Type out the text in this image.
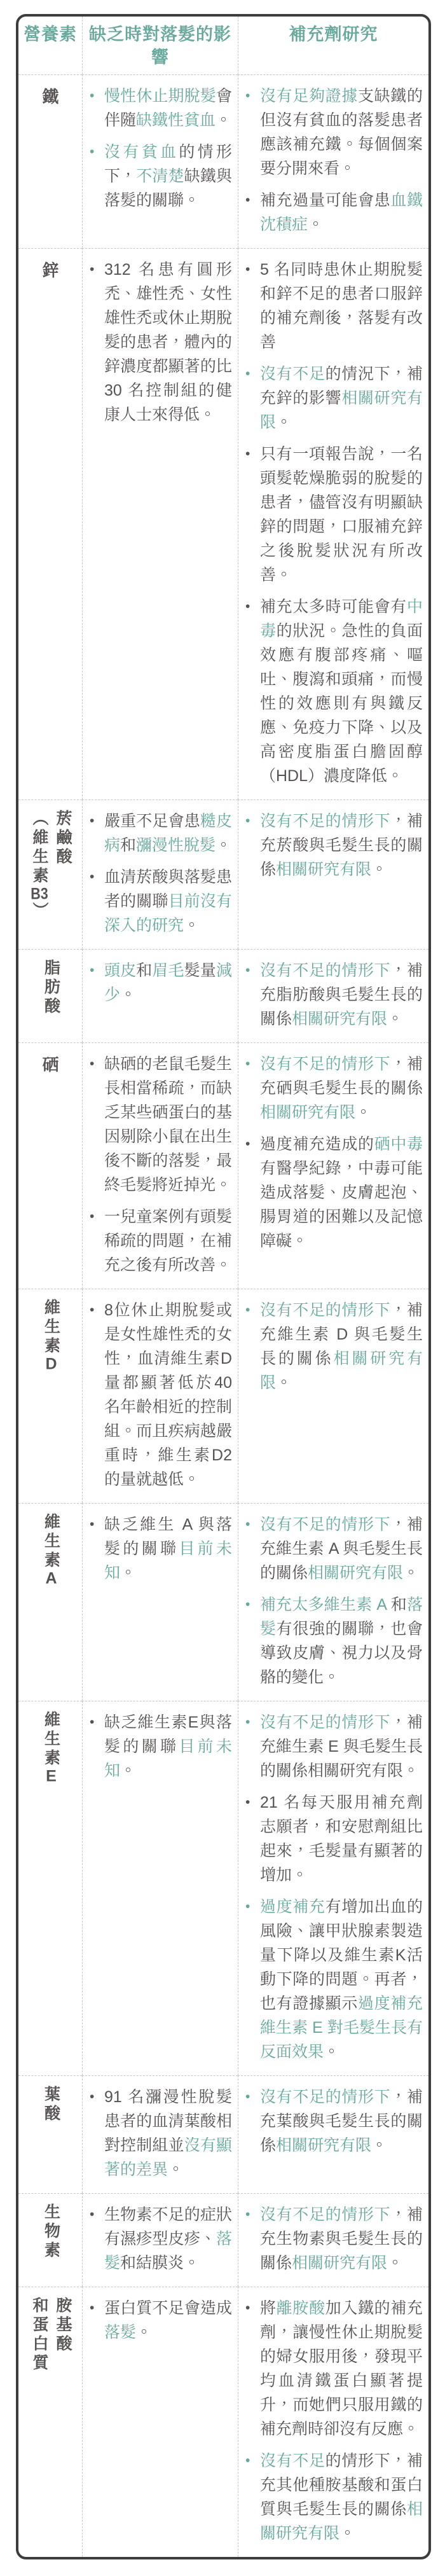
營養素 缺乏時對落髮的影響
補充劑研究
鐵 • 慢性休止期脫髮會伴隨缺鐵性貧血。
• 沒有貧血的情形下，不清楚缺鐵與落髮的關聯。
• 沒有足夠證據支缺鐵的但沒有貧血的落髮患者應該補充鐵。每個個案要分開來看。
• 補充過量可能會患血鐵沈積症。
鋅 • 312 名患有圓形禿、雄性禿、女性雄性禿或休止期脫髮的患者，體內的鋅濃度都顯著的比 30 名控制組的健康人士來得低。
• 5 名同時患休止期脫髮和鋅不足的患者口服鋅的補充劑後，落髮有改善
• 沒有不足的情況下，補充鋅的影響相關研究有限。
• 只有一項報告說，一名頭髮乾燥脆弱的脫髮的患者，儘管沒有明顯缺鋅的問題，口服補充鋅之後脫髮狀況有所改善。
• 補充太多時可能會有中毒的狀況。急性的負面效應有腹部疼痛、嘔吐、腹瀉和頭痛，而慢性的效應則有與鐵反應、免疫力下降、以及高密度脂蛋白膽固醇（HDL）濃度降低。
菸鹼酸
（維生素B3）
• 嚴重不足會患糙皮病和瀰漫性脫髮。
• 血清菸酸與落髮患者的關聯目前沒有深入的研究。
• 沒有不足的情形下，補充菸酸與毛髮生長的關係相關研究有限。
脂肪酸 • 頭皮和眉毛髮量減少。
• 沒有不足的情形下，補充脂肪酸與毛髮生長的關係相關研究有限。
硒 • 缺硒的老鼠毛髮生長相當稀疏，而缺乏某些硒蛋白的基因剔除小鼠在出生後不斷的落髮，最終毛髮將近掉光。
• 一兒童案例有頭髮稀疏的問題，在補充之後有所改善。
• 沒有不足的情形下，補充硒與毛髮生長的關係相關研究有限。
• 過度補充造成的硒中毒有醫學紀錄，中毒可能造成落髮、皮膚起泡、腸胃道的困難以及記憶障礙。
維生素D
• 8位休止期脫髮或是女性雄性禿的女性，血清維生素D量都顯著低於40名年齡相近的控制組。而且疾病越嚴重時，維生素D2的量就越低。
• 沒有不足的情形下，補充維生素 D 與毛髮生長的關係相關研究有限。
維生素A
• 缺乏維生 A 與落髮的關聯目前未知。
• 沒有不足的情形下，補充維生素 A 與毛髮生長的關係相關研究有限。
• 補充太多維生素 A 和落髮有很強的關聯，也會導致皮膚、視力以及骨骼的變化。
維生素E
• 缺乏維生素E與落髮的關聯目前未知。
• 沒有不足的情形下，補充維生素 E 與毛髮生長的關係相關研究有限。
• 21 名每天服用補充劑志願者，和安慰劑組比起來，毛髮量有顯著的增加。
• 過度補充有增加出血的風險、讓甲狀腺素製造量下降以及維生素K活動下降的問題。再者，也有證據顯示過度補充維生素 E 對毛髮生長有反面效果。
葉酸 • 91 名瀰漫性脫髮患者的血清葉酸相對控制組並沒有顯著的差異。
• 沒有不足的情形下，補充葉酸與毛髮生長的關係相關研究有限。
生物素 • 生物素不足的症狀有濕疹型皮疹、落髮和結膜炎。
• 沒有不足的情形下，補充生物素與毛髮生長的關係相關研究有限。
胺基酸
和蛋白質	• 蛋白質不足會造成落髮。
• 將離胺酸加入鐵的補充劑，讓慢性休止期脫髮的婦女服用後，發現平均血清鐵蛋白顯著提升，而她們只服用鐵的補充劑時卻沒有反應。
• 沒有不足的情形下，補充其他種胺基酸和蛋白質與毛髮生長的關係相關研究有限。
